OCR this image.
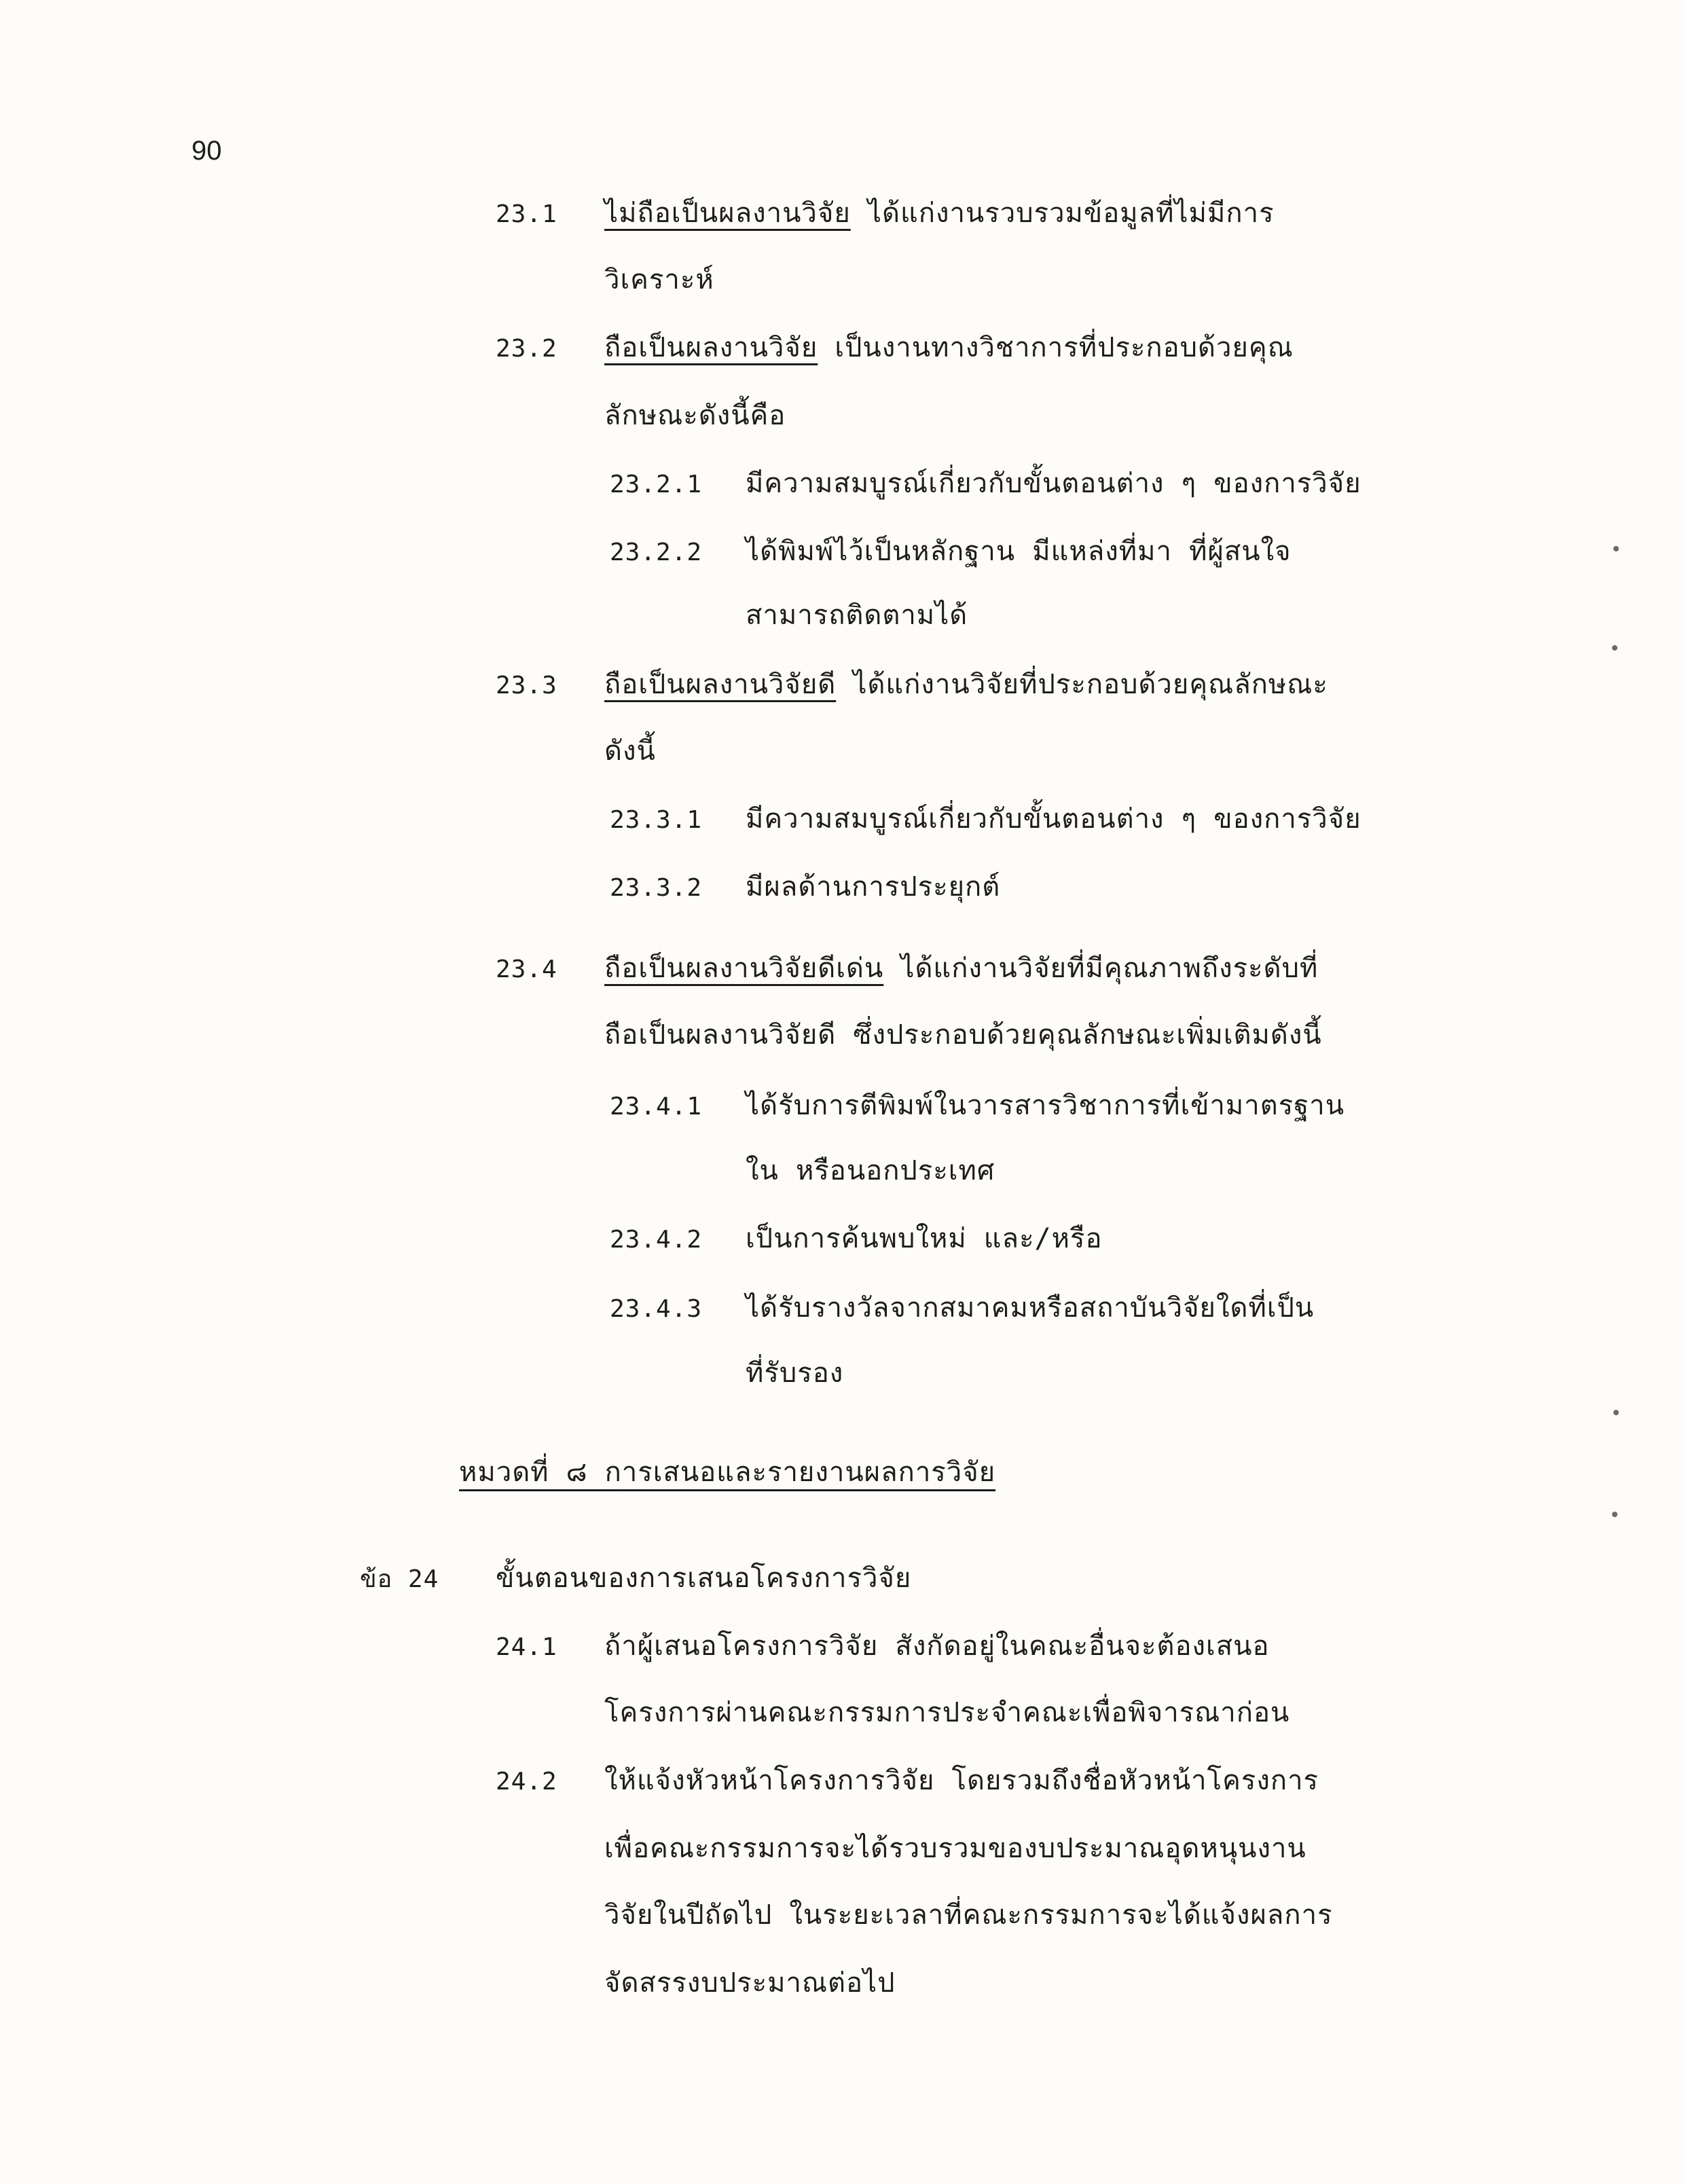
90
23.1 ไม่ถือเป็นผลงานวิจัย ได้แก่งานรวบรวมข้อมูลที่ไม่มีการ
วิเคราะห์
23.2 ถือเป็นผลงานวิจัย เป็นงานทางวิชาการที่ประกอบด้วยคุณ
ลักษณะดังนี้คือ
23.2.1 มีความสมบูรณ์เกี่ยวกับขั้นตอนต่าง ๆ ของการวิจัย
23.2.2 ได้พิมพ์ไว้เป็นหลักฐาน มีแหล่งที่มา ที่ผู้สนใจ
สามารถติดตามได้
23.3 ถือเป็นผลงานวิจัยดี ได้แก่งานวิจัยที่ประกอบด้วยคุณลักษณะ
ดังนี้
23.3.1 มีความสมบูรณ์เกี่ยวกับขั้นตอนต่าง ๆ ของการวิจัย
23.3.2 มีผลด้านการประยุกต์
23.4 ถือเป็นผลงานวิจัยดีเด่น ได้แก่งานวิจัยที่มีคุณภาพถึงระดับที่
ถือเป็นผลงานวิจัยดี ซึ่งประกอบด้วยคุณลักษณะเพิ่มเติมดังนี้
23.4.1 ได้รับการตีพิมพ์ในวารสารวิชาการที่เข้ามาตรฐาน
ใน หรือนอกประเทศ
23.4.2 เป็นการค้นพบใหม่ และ/หรือ
23.4.3 ได้รับรางวัลจากสมาคมหรือสถาบันวิจัยใดที่เป็น
ที่รับรอง
หมวดที่ ๘ การเสนอและรายงานผลการวิจัย
ข้อ 24 ขั้นตอนของการเสนอโครงการวิจัย
24.1 ถ้าผู้เสนอโครงการวิจัย สังกัดอยู่ในคณะอื่นจะต้องเสนอ
โครงการผ่านคณะกรรมการประจำคณะเพื่อพิจารณาก่อน
24.2 ให้แจ้งหัวหน้าโครงการวิจัย โดยรวมถึงชื่อหัวหน้าโครงการ
เพื่อคณะกรรมการจะได้รวบรวมของบประมาณอุดหนุนงาน
วิจัยในปีถัดไป ในระยะเวลาที่คณะกรรมการจะได้แจ้งผลการ
จัดสรรงบประมาณต่อไป
